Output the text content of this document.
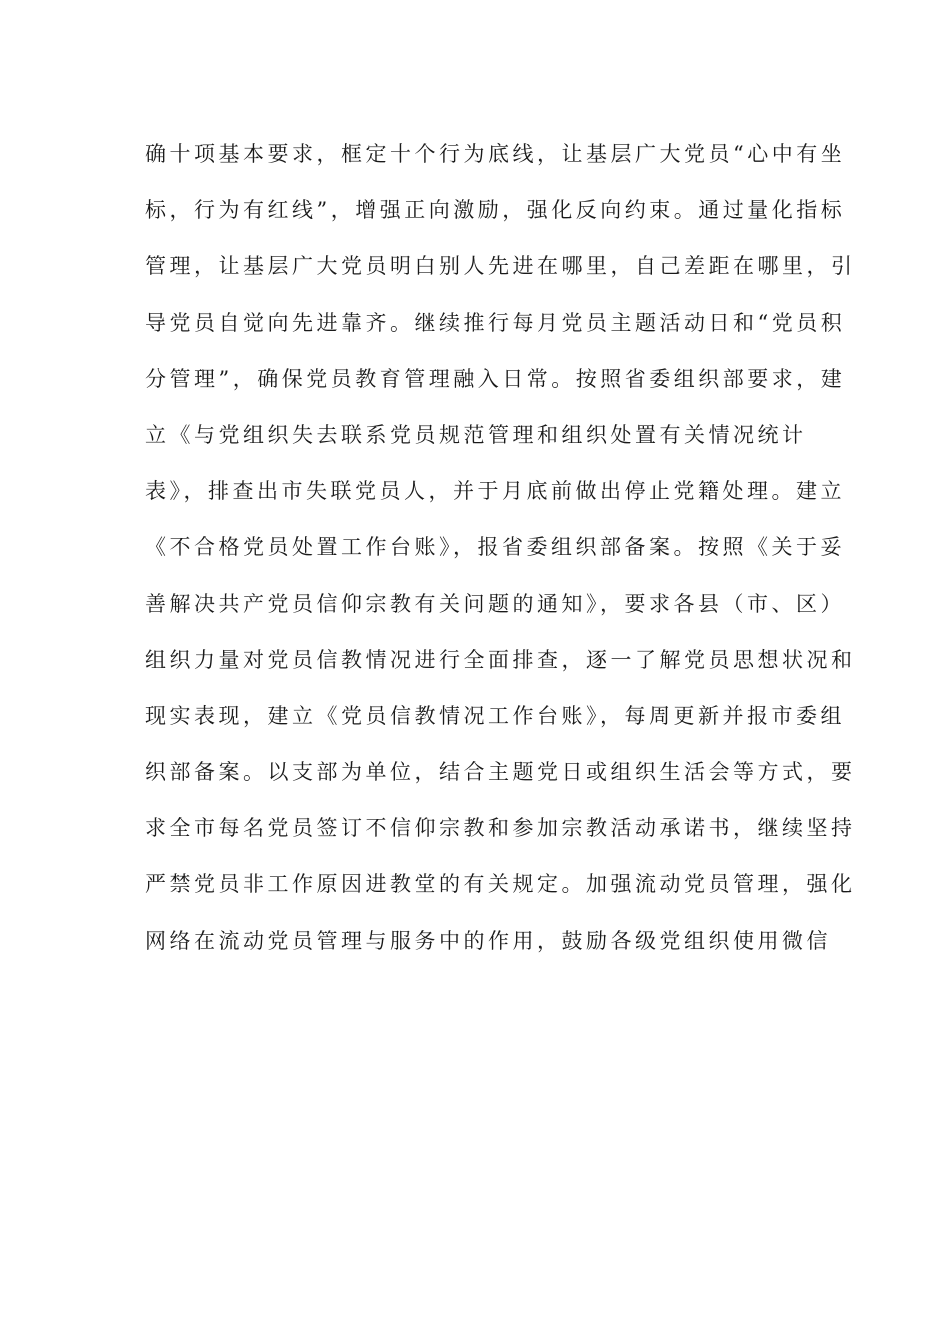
确十项基本要求，框定十个行为底线，让基层广大党员“心中有坐
标，行为有红线”，增强正向激励，强化反向约束。通过量化指标
管理，让基层广大党员明白别人先进在哪里，自己差距在哪里，引
导党员自觉向先进靠齐。继续推行每月党员主题活动日和“党员积
分管理”，确保党员教育管理融入日常。按照省委组织部要求，建
立《与党组织失去联系党员规范管理和组织处置有关情况统计
表》，排查出市失联党员人，并于月底前做出停止党籍处理。建立
《不合格党员处置工作台账》，报省委组织部备案。按照《关于妥
善解决共产党员信仰宗教有关问题的通知》，要求各县（市、区）
组织力量对党员信教情况进行全面排查，逐一了解党员思想状况和
现实表现，建立《党员信教情况工作台账》，每周更新并报市委组
织部备案。以支部为单位，结合主题党日或组织生活会等方式，要
求全市每名党员签订不信仰宗教和参加宗教活动承诺书，继续坚持
严禁党员非工作原因进教堂的有关规定。加强流动党员管理，强化
网络在流动党员管理与服务中的作用，鼓励各级党组织使用微信
